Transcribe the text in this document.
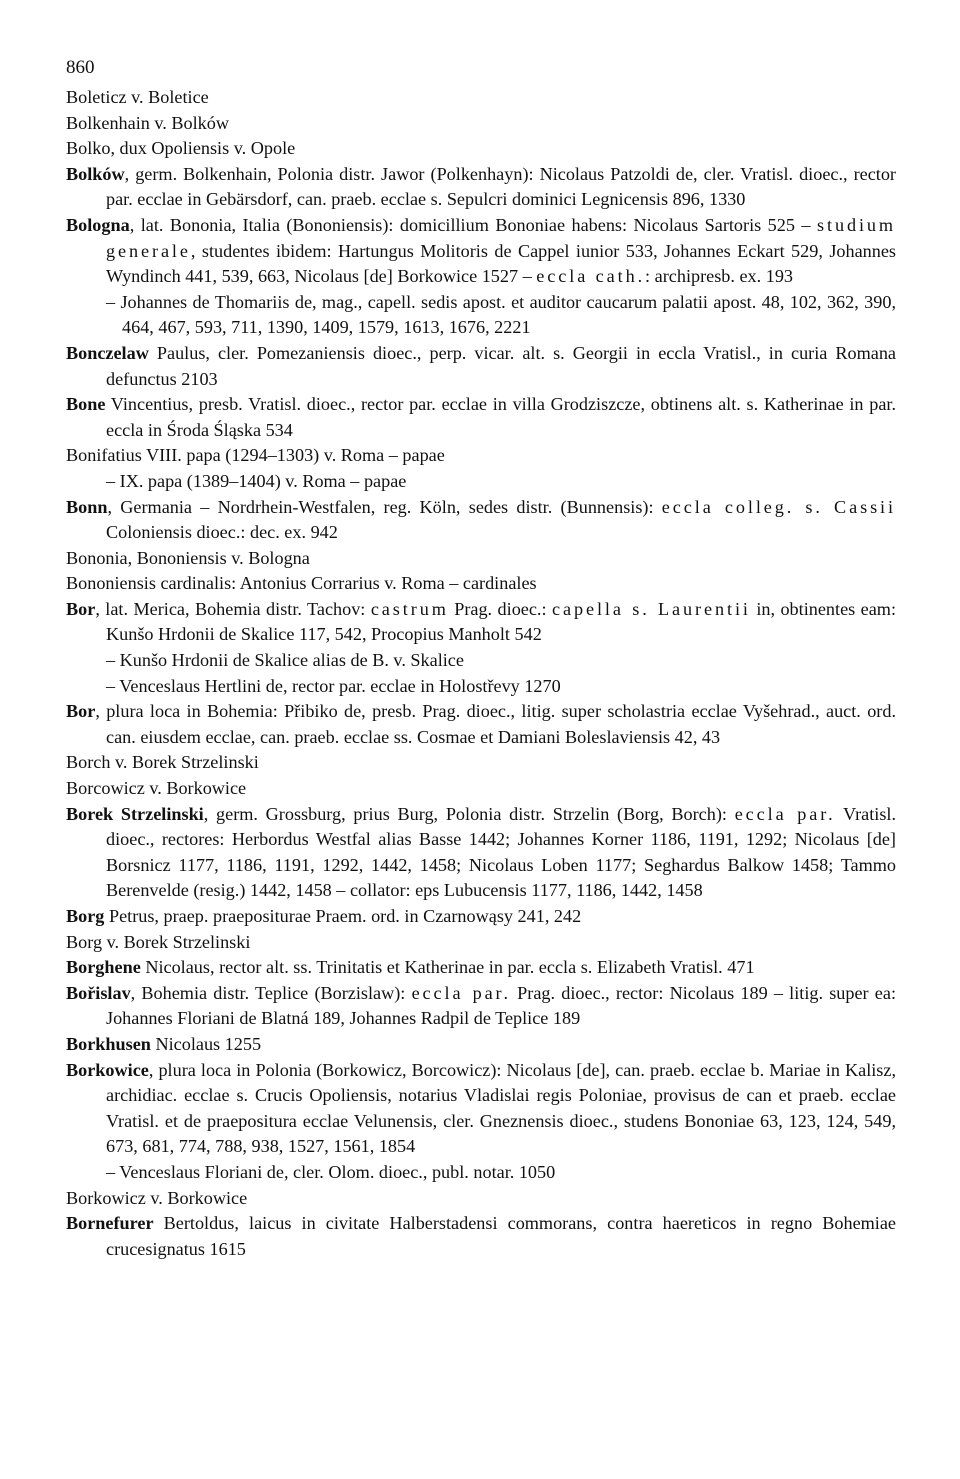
860

Boleticz v. Boletice

Bolkenhain v. Bolków

Bolko, dux Opoliensis v. Opole

Bolków, germ. Bolkenhain, Polonia distr. Jawor (Polkenhayn): Nicolaus Patzoldi de, cler. Vratisl. dioec., rector par. ecclae in Gebärsdorf, can. praeb. ecclae s. Sepulcri dominici Legnicensis 896, 1330

Bologna, lat. Bononia, Italia (Bononiensis): domicillium Bononiae habens: Nicolaus Sartoris 525 – studium generale, studentes ibidem: Hartungus Molitoris de Cappel iunior 533, Johannes Eckart 529, Johannes Wyndinch 441, 539, 663, Nicolaus [de] Borkowice 1527 – eccla cath.: archipresb. ex. 193

– Johannes de Thomariis de, mag., capell. sedis apost. et auditor caucarum palatii apost. 48, 102, 362, 390, 464, 467, 593, 711, 1390, 1409, 1579, 1613, 1676, 2221

Bonczelaw Paulus, cler. Pomezaniensis dioec., perp. vicar. alt. s. Georgii in eccla Vratisl., in curia Romana defunctus 2103

Bone Vincentius, presb. Vratisl. dioec., rector par. ecclae in villa Grodziszcze, obtinens alt. s. Katherinae in par. eccla in Środa Śląska 534

Bonifatius VIII. papa (1294–1303) v. Roma – papae

– IX. papa (1389–1404) v. Roma – papae

Bonn, Germania – Nordrhein-Westfalen, reg. Köln, sedes distr. (Bunnensis): eccla colleg. s. Cassii Coloniensis dioec.: dec. ex. 942

Bononia, Bononiensis v. Bologna

Bononiensis cardinalis: Antonius Corrarius v. Roma – cardinales

Bor, lat. Merica, Bohemia distr. Tachov: castrum Prag. dioec.: capella s. Laurentii in, obtinentes eam: Kunšo Hrdonii de Skalice 117, 542, Procopius Manholt 542

– Kunšo Hrdonii de Skalice alias de B. v. Skalice

– Venceslaus Hertlini de, rector par. ecclae in Holostřevy 1270

Bor, plura loca in Bohemia: Přibiko de, presb. Prag. dioec., litig. super scholastria ecclae Vyšehrad., auct. ord. can. eiusdem ecclae, can. praeb. ecclae ss. Cosmae et Damiani Boleslaviensis 42, 43

Borch v. Borek Strzelinski

Borcowicz v. Borkowice

Borek Strzelinski, germ. Grossburg, prius Burg, Polonia distr. Strzelin (Borg, Borch): eccla par. Vratisl. dioec., rectores: Herbordus Westfal alias Basse 1442; Johannes Korner 1186, 1191, 1292; Nicolaus [de] Borsnicz 1177, 1186, 1191, 1292, 1442, 1458; Nicolaus Loben 1177; Seghardus Balkow 1458; Tammo Berenvelde (resig.) 1442, 1458 – collator: eps Lubucensis 1177, 1186, 1442, 1458

Borg Petrus, praep. praepositurae Praem. ord. in Czarnowąsy 241, 242

Borg v. Borek Strzelinski

Borghene Nicolaus, rector alt. ss. Trinitatis et Katherinae in par. eccla s. Elizabeth Vratisl. 471

Bořislav, Bohemia distr. Teplice (Borzislaw): eccla par. Prag. dioec., rector: Nicolaus 189 – litig. super ea: Johannes Floriani de Blatná 189, Johannes Radpil de Teplice 189

Borkhusen Nicolaus 1255

Borkowice, plura loca in Polonia (Borkowicz, Borcowicz): Nicolaus [de], can. praeb. ecclae b. Mariae in Kalisz, archidiac. ecclae s. Crucis Opoliensis, notarius Vladislai regis Poloniae, provisus de can et praeb. ecclae Vratisl. et de praepositura ecclae Velunensis, cler. Gneznensis dioec., studens Bononiae 63, 123, 124, 549, 673, 681, 774, 788, 938, 1527, 1561, 1854

– Venceslaus Floriani de, cler. Olom. dioec., publ. notar. 1050

Borkowicz v. Borkowice

Bornefurer Bertoldus, laicus in civitate Halberstadensi commorans, contra haereticos in regno Bohemiae crucesignatus 1615
